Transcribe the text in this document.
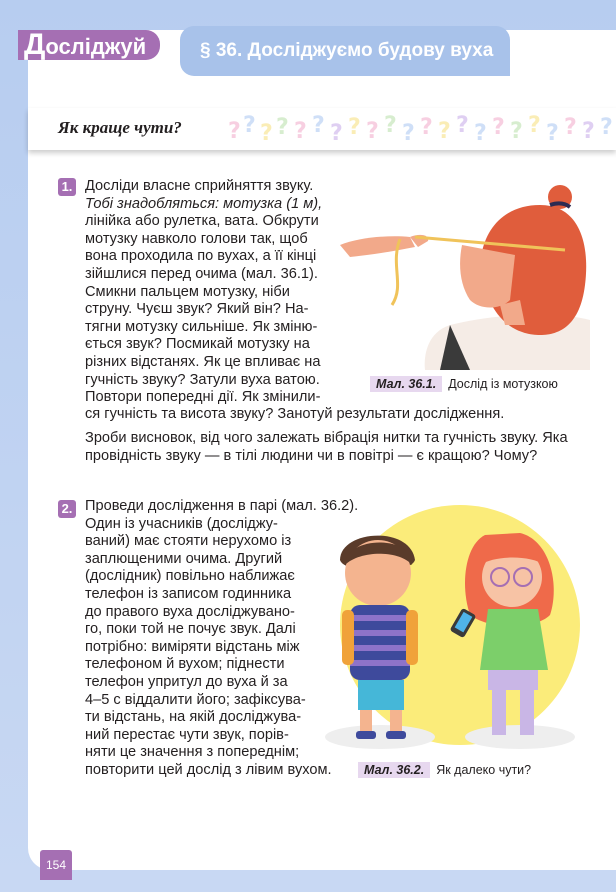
Досліджуй	§ 36. Досліджуємо будову вуха
Як краще чути? ? ? ? ? ? ? ? ? ? ? ? ? ? ? ? ? ? ? ? ? ? ?
1. Досліди власне сприйняття звуку.

Тобі знадобляться: мотузка (1 м),

лінійка або рулетка, вата. Обкрути

мотузку навколо голови так, щоб

вона проходила по вухах, а її кінці

зійшлися перед очима (мал. 36.1).

Смикни пальцем мотузку, ніби

струну. Чуєш звук? Який він? На-

тягни мотузку сильніше. Як зміню-

ється звук? Посмикай мотузку на

різних відстанях. Як це впливає на

гучність звуку? Затули вуха ватою.

Повтори попередні дії. Як змінили-

ся гучність та висота звуку? Занотуй результати дослідження.
Зроби висновок, від чого залежать вібрація нитки та гучність звуку. Яка провідність звуку — в тілі людини чи в повітрі — є кращою? Чому?
Мал. 36.1. Дослід із мотузкою
2. Проведи дослідження в парі (мал. 36.2).

Один із учасників (досліджу-

ваний) має стояти нерухомо із

заплющеними очима. Другий

(дослідник) повільно наближає

телефон із записом годинника

до правого вуха досліджувано-

го, поки той не почує звук. Далі

потрібно: виміряти відстань між

телефоном й вухом; піднести

телефон упритул до вуха й за

4–5 с віддалити його; зафіксува-

ти відстань, на якій досліджува-

ний перестає чути звук, порів-

няти це значення з попереднім;

повторити цей дослід з лівим вухом.	Мал. 36.2. Як далеко чути?
154
